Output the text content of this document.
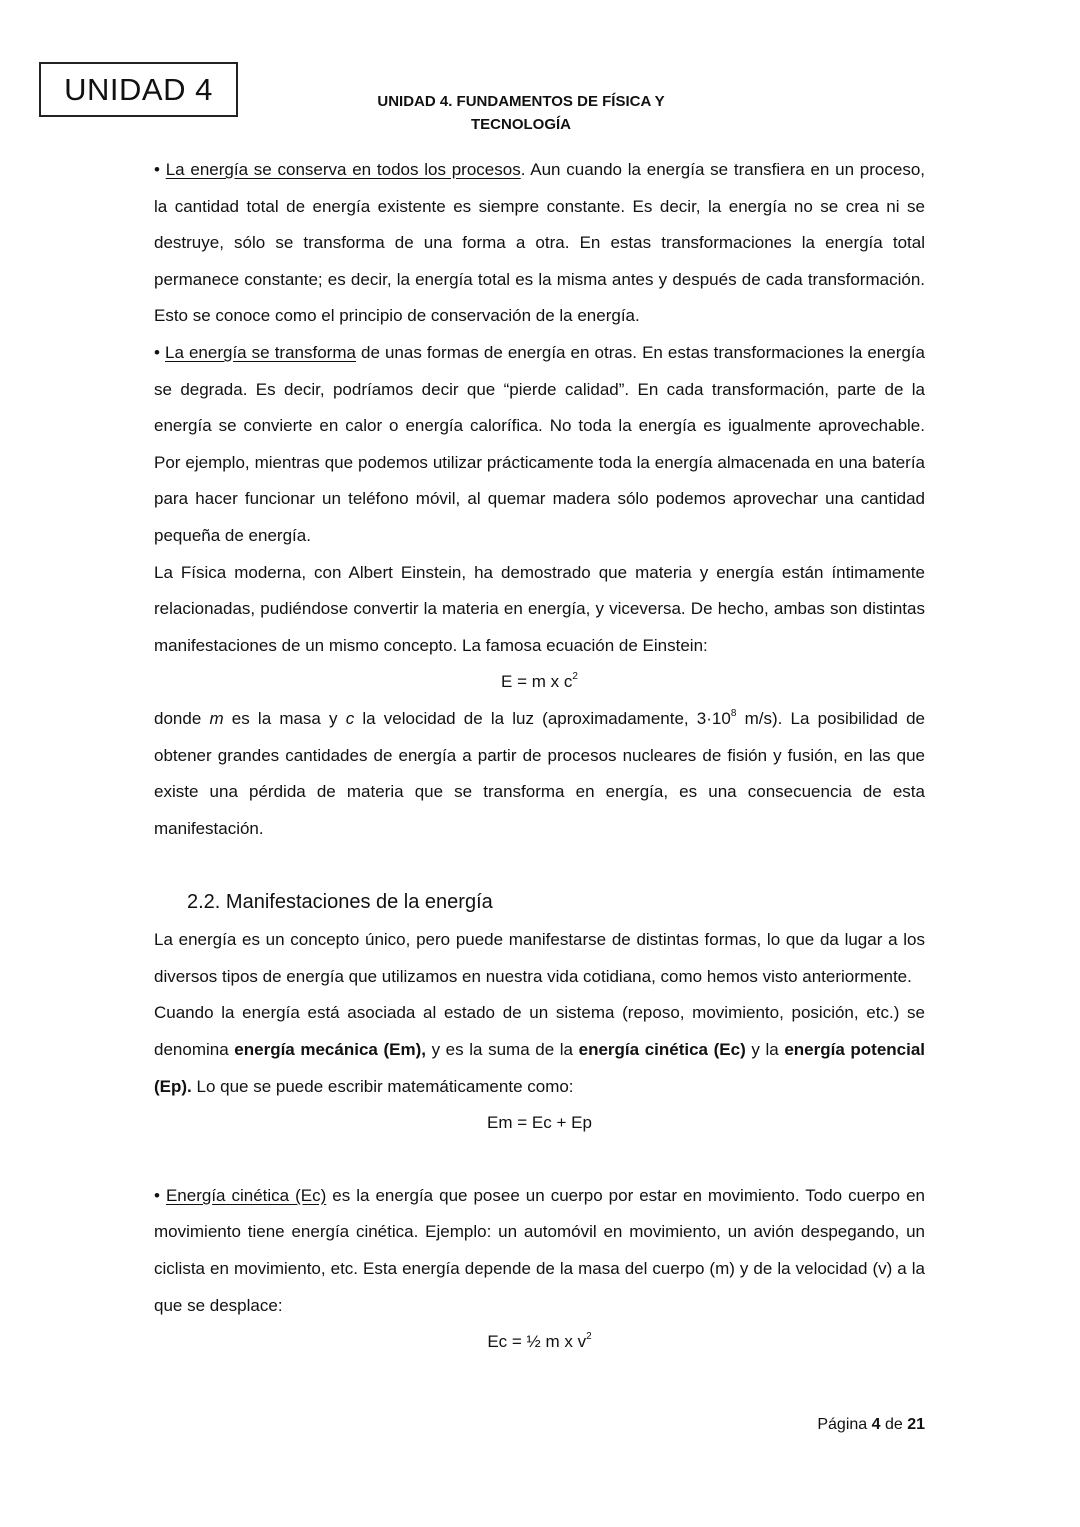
UNIDAD 4	UNIDAD 4. FUNDAMENTOS DE FÍSICA Y
TECNOLOGÍA

• La energía se conserva en todos los procesos. Aun cuando la energía se transfiera en un proceso, la cantidad total de energía existente es siempre constante. Es decir, la energía no se crea ni se destruye, sólo se transforma de una forma a otra. En estas transformaciones la energía total permanece constante; es decir, la energía total es la misma antes y después de cada transformación. Esto se conoce como el principio de conservación de la energía.

• La energía se transforma de unas formas de energía en otras. En estas transformaciones la energía se degrada. Es decir, podríamos decir que “pierde calidad”. En cada transformación, parte de la energía se convierte en calor o energía calorífica. No toda la energía es igualmente aprovechable. Por ejemplo, mientras que podemos utilizar prácticamente toda la energía almacenada en una batería para hacer funcionar un teléfono móvil, al quemar madera sólo podemos aprovechar una cantidad pequeña de energía.

La Física moderna, con Albert Einstein, ha demostrado que materia y energía están íntimamente relacionadas, pudiéndose convertir la materia en energía, y viceversa. De hecho, ambas son distintas manifestaciones de un mismo concepto. La famosa ecuación de Einstein:

E = m x $c^2$

donde m es la masa y c la velocidad de la luz (aproximadamente, $3\cdot 10^8$ m/s). La posibilidad de obtener grandes cantidades de energía a partir de procesos nucleares de fisión y fusión, en las que existe una pérdida de materia que se transforma en energía, es una consecuencia de esta manifestación.

2.2. Manifestaciones de la energía

La energía es un concepto único, pero puede manifestarse de distintas formas, lo que da lugar a los diversos tipos de energía que utilizamos en nuestra vida cotidiana, como hemos visto anteriormente.

Cuando la energía está asociada al estado de un sistema (reposo, movimiento, posición, etc.) se denomina energía mecánica (Em), y es la suma de la energía cinética (Ec) y la energía potencial (Ep). Lo que se puede escribir matemáticamente como:

Em = Ec + Ep

• Energía cinética (Ec) es la energía que posee un cuerpo por estar en movimiento. Todo cuerpo en movimiento tiene energía cinética. Ejemplo: un automóvil en movimiento, un avión despegando, un ciclista en movimiento, etc. Esta energía depende de la masa del cuerpo (m) y de la velocidad (v) a la que se desplace:

Ec = ½ m x $v^2$

Página 4 de 21
